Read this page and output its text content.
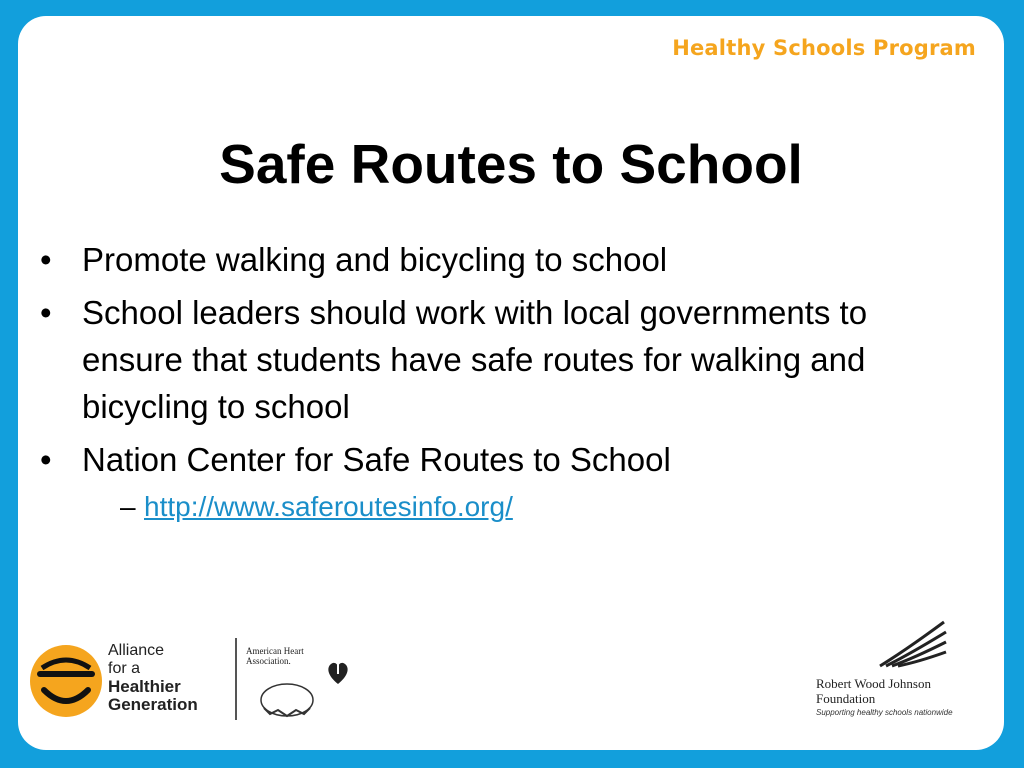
Healthy Schools Program
Safe Routes to School
• Promote walking and bicycling to school
• School leaders should work with local governments to ensure that students have safe routes for walking and bicycling to school
• Nation Center for Safe Routes to School
– http://www.saferoutesinfo.org/
Alliance
for a
Healthier
Generation
American Heart
Association.
Robert Wood Johnson
Foundation
Supporting healthy schools nationwide
